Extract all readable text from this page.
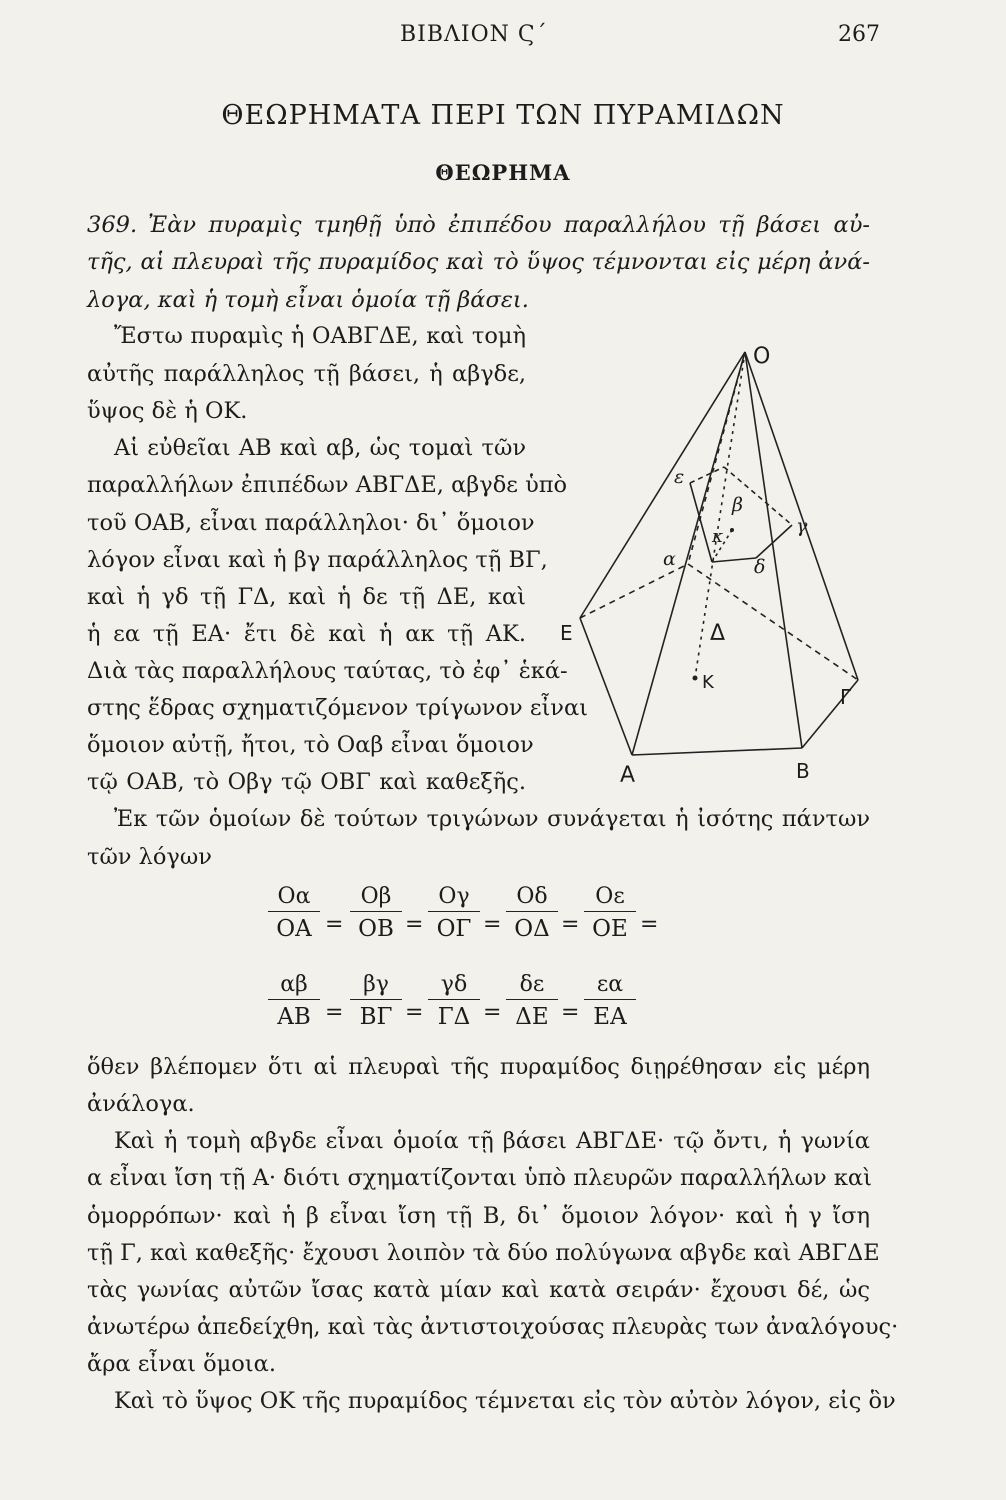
ΒΙΒΛΙΟΝ Ϛ΄	267
ΘΕΩΡΗΜΑΤΑ ΠΕΡΙ ΤΩΝ ΠΥΡΑΜΙΔΩΝ
ΘΕΩΡΗΜΑ
369. Ἐὰν πυραμὶς τμηθῇ ὑπὸ ἐπιπέδου παραλλήλου τῇ βάσει αὐ-
τῆς, αἱ πλευραὶ τῆς πυραμίδος καὶ τὸ ὕψος τέμνονται εἰς μέρη ἀνά-
λογα, καὶ ἡ τομὴ εἶναι ὁμοία τῇ βάσει.
Ἔστω πυραμὶς ἡ ΟΑΒΓΔΕ, καὶ τομὴ
αὐτῆς παράλληλος τῇ βάσει, ἡ αβγδε,
ὕψος δὲ ἡ ΟΚ.
Αἱ εὐθεῖαι ΑΒ καὶ αβ, ὡς τομαὶ τῶν
παραλλήλων ἐπιπέδων ΑΒΓΔΕ, αβγδε ὑπὸ
τοῦ ΟΑΒ, εἶναι παράλληλοι· δι᾽ ὅμοιον
λόγον εἶναι καὶ ἡ βγ παράλληλος τῇ ΒΓ,
καὶ ἡ γδ τῇ ΓΔ, καὶ ἡ δε τῇ ΔΕ, καὶ
ἡ εα τῇ ΕΑ· ἔτι δὲ καὶ ἡ ακ τῇ ΑΚ.
Διὰ τὰς παραλλήλους ταύτας, τὸ ἐφ᾽ ἑκά-
στης ἕδρας σχηματιζόμενον τρίγωνον εἶναι
ὅμοιον αὐτῇ, ἤτοι, τὸ Οαβ εἶναι ὅμοιον
τῷ ΟΑΒ, τὸ Οβγ τῷ ΟΒΓ καὶ καθεξῆς.
Ο
Α	Β
Γ
Δ
Ε
Κ
α
β
γ
δ
ε
κ
Ἐκ τῶν ὁμοίων δὲ τούτων τριγώνων συνάγεται ἡ ἰσότης πάντων
τῶν λόγων
$\frac{O\alpha}{OA} \frac{O\beta}{OB} \frac{O\gamma}{O\Gamma} \frac{O\delta}{O\Delta} \frac{O\varepsilon}{OE}$
=	=	=	=	=
$\frac{\alpha\beta}{AB} \frac{\beta\gamma}{B\Gamma} \frac{\gamma\delta}{\Gamma\Delta} \frac{\delta\varepsilon}{\Delta E} \frac{\varepsilon\alpha}{EA}$
=	=	=	=
ὅθεν βλέπομεν ὅτι αἱ πλευραὶ τῆς πυραμίδος διῃρέθησαν εἰς μέρη
ἀνάλογα.
Καὶ ἡ τομὴ αβγδε εἶναι ὁμοία τῇ βάσει ΑΒΓΔΕ· τῷ ὄντι, ἡ γωνία
α εἶναι ἴση τῇ Α· διότι σχηματίζονται ὑπὸ πλευρῶν παραλλήλων καὶ
ὁμορρόπων· καὶ ἡ β εἶναι ἴση τῇ Β, δι᾽ ὅμοιον λόγον· καὶ ἡ γ ἴση
τῇ Γ, καὶ καθεξῆς· ἔχουσι λοιπὸν τὰ δύο πολύγωνα αβγδε καὶ ΑΒΓΔΕ
τὰς γωνίας αὐτῶν ἴσας κατὰ μίαν καὶ κατὰ σειράν· ἔχουσι δέ, ὡς
ἀνωτέρω ἀπεδείχθη, καὶ τὰς ἀντιστοιχούσας πλευρὰς των ἀναλόγους·
ἄρα εἶναι ὅμοια.
Καὶ τὸ ὕψος ΟΚ τῆς πυραμίδος τέμνεται εἰς τὸν αὐτὸν λόγον, εἰς ὃν
